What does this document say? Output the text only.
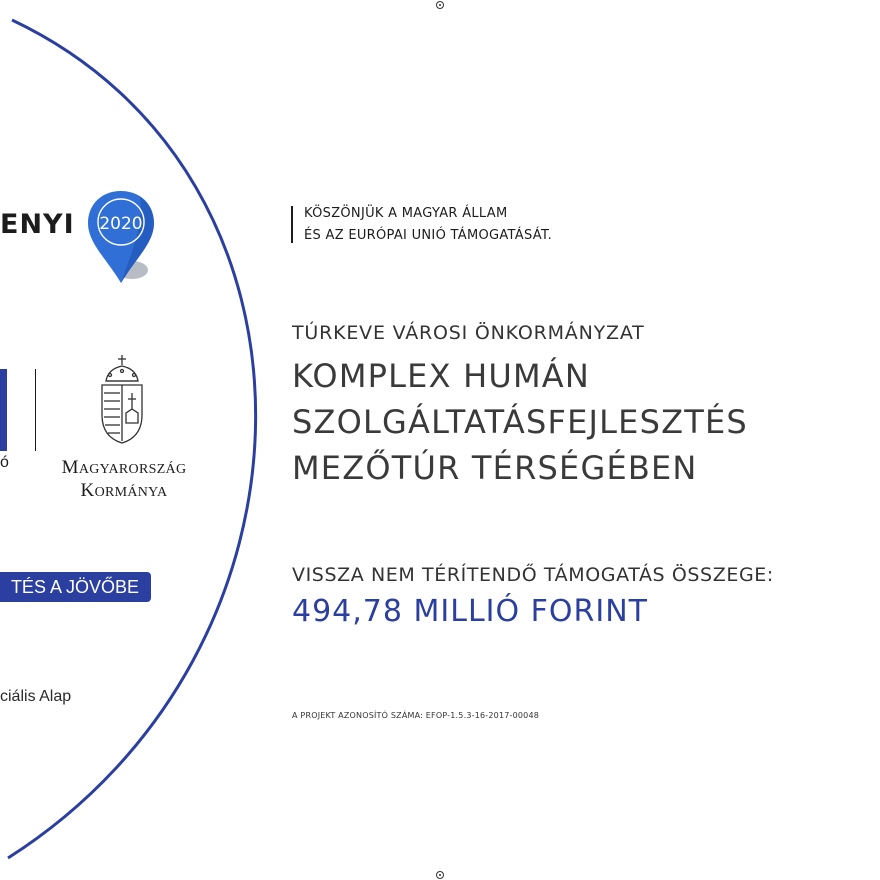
ENYI 2020
ó	MAGYARORSZÁG
KORMÁNYA
TÉS A JÖVŐBE
ciális Alap
KÖSZÖNJÜK A MAGYAR ÁLLAM
ÉS AZ EURÓPAI UNIÓ TÁMOGATÁSÁT.
TÚRKEVE VÁROSI ÖNKORMÁNYZAT
KOMPLEX HUMÁN
SZOLGÁLTATÁSFEJLESZTÉS
MEZŐTÚR TÉRSÉGÉBEN
VISSZA NEM TÉRÍTENDŐ TÁMOGATÁS ÖSSZEGE:
494,78 MILLIÓ FORINT
A PROJEKT AZONOSÍTÓ SZÁMA: EFOP-1.5.3-16-2017-00048
